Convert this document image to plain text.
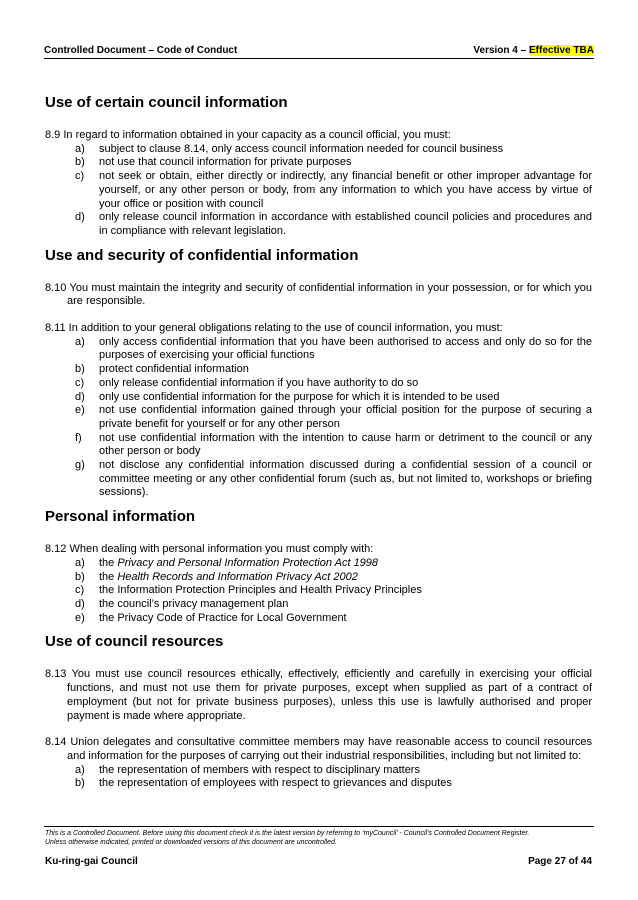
Controlled Document – Code of Conduct	Version 4 – Effective TBA
Use of certain council information

8.9 In regard to information obtained in your capacity as a council official, you must:

a)	subject to clause 8.14, only access council information needed for council business
b)	not use that council information for private purposes
c)	not seek or obtain, either directly or indirectly, any financial benefit or other improper advantage for yourself, or any other person or body, from any information to which you have access by virtue of your office or position with council
d)	only release council information in accordance with established council policies and procedures and in compliance with relevant legislation.
Use and security of confidential information

8.10 You must maintain the integrity and security of confidential information in your possession, or for which you are responsible.

8.11 In addition to your general obligations relating to the use of council information, you must:

a)	only access confidential information that you have been authorised to access and only do so for the purposes of exercising your official functions
b)	protect confidential information
c)	only release confidential information if you have authority to do so
d)	only use confidential information for the purpose for which it is intended to be used
e)	not use confidential information gained through your official position for the purpose of securing a private benefit for yourself or for any other person
f)	not use confidential information with the intention to cause harm or detriment to the council or any other person or body
g)	not disclose any confidential information discussed during a confidential session of a council or committee meeting or any other confidential forum (such as, but not limited to, workshops or briefing sessions).
Personal information

8.12 When dealing with personal information you must comply with:

a)	the Privacy and Personal Information Protection Act 1998
b)	the Health Records and Information Privacy Act 2002
c)	the Information Protection Principles and Health Privacy Principles
d)	the council’s privacy management plan
e)	the Privacy Code of Practice for Local Government
Use of council resources

8.13 You must use council resources ethically, effectively, efficiently and carefully in exercising your official functions, and must not use them for private purposes, except when supplied as part of a contract of employment (but not for private business purposes), unless this use is lawfully authorised and proper payment is made where appropriate.

8.14 Union delegates and consultative committee members may have reasonable access to council resources and information for the purposes of carrying out their industrial responsibilities, including but not limited to:

a)	the representation of members with respect to disciplinary matters
b)	the representation of employees with respect to grievances and disputes
This is a Controlled Document. Before using this document check it is the latest version by referring to ‘myCouncil’ - Council’s Controlled Document Register.
Unless otherwise indicated, printed or downloaded versions of this document are uncontrolled.
Ku-ring-gai Council	Page 27 of 44
